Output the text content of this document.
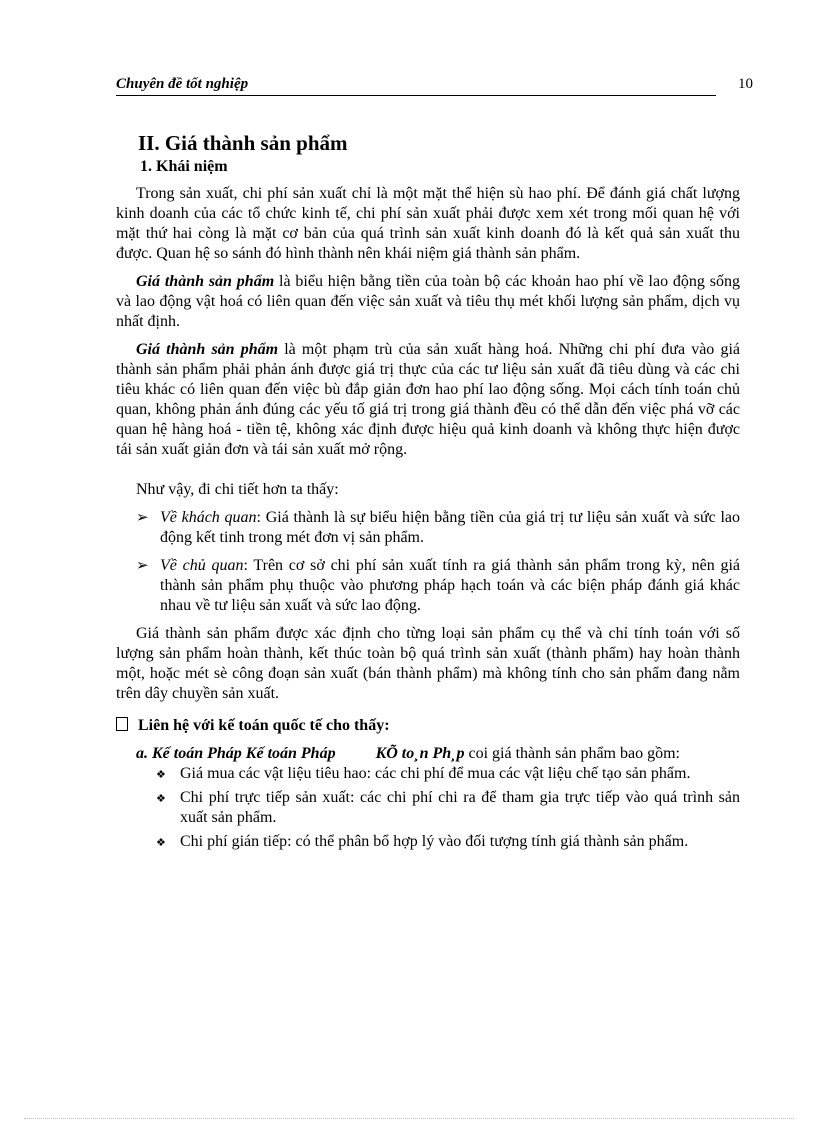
Chuyên đề tốt nghiệp	10
II. Giá thành sản phẩm
1. Khái niệm

Trong sản xuất, chi phí sản xuất chỉ là một mặt thể hiện sù hao phí. Để đánh giá chất lượng kinh doanh của các tổ chức kinh tế, chi phí sản xuất phải được xem xét trong mối quan hệ với mặt thứ hai còng là mặt cơ bản của quá trình sản xuất kinh doanh đó là kết quả sản xuất thu được. Quan hệ so sánh đó hình thành nên khái niệm giá thành sản phẩm.

Giá thành sản phẩm là biểu hiện bằng tiền của toàn bộ các khoản hao phí về lao động sống và lao động vật hoá có liên quan đến việc sản xuất và tiêu thụ mét khối lượng sản phẩm, dịch vụ nhất định.

Giá thành sản phẩm là một phạm trù của sản xuất hàng hoá. Những chi phí đưa vào giá thành sản phẩm phải phản ánh được giá trị thực của các tư liệu sản xuất đã tiêu dùng và các chi tiêu khác có liên quan đến việc bù đắp giản đơn hao phí lao động sống. Mọi cách tính toán chủ quan, không phản ánh đúng các yếu tố giá trị trong giá thành đều có thể dẫn đến việc phá vỡ các quan hệ hàng hoá - tiền tệ, không xác định được hiệu quả kinh doanh và không thực hiện được tái sản xuất giản đơn và tái sản xuất mở rộng.

Như vậy, đi chi tiết hơn ta thấy:

➢ Về khách quan: Giá thành là sự biểu hiện bằng tiền của giá trị tư liệu sản xuất và sức lao động kết tinh trong mét đơn vị sản phẩm.
➢ Về chủ quan: Trên cơ sở chi phí sản xuất tính ra giá thành sản phẩm trong kỳ, nên giá thành sản phẩm phụ thuộc vào phương pháp hạch toán và các biện pháp đánh giá khác nhau về tư liệu sản xuất và sức lao động.

Giá thành sản phẩm được xác định cho từng loại sản phẩm cụ thể và chỉ tính toán với số lượng sản phẩm hoàn thành, kết thúc toàn bộ quá trình sản xuất (thành phẩm) hay hoàn thành một, hoặc mét sè công đoạn sản xuất (bán thành phẩm) mà không tính cho sản phẩm đang nằm trên dây chuyền sản xuất.

Liên hệ với kế toán quốc tế cho thấy:

a. Kế toán Pháp Kế toán Pháp	KÕ to¸n Ph¸p coi giá thành sản phẩm bao gồm:

❖ Giá mua các vật liệu tiêu hao: các chi phí để mua các vật liệu chế tạo sản phẩm.
❖ Chi phí trực tiếp sản xuất: các chi phí chi ra để tham gia trực tiếp vào quá trình sản xuất sản phẩm.
❖ Chi phí gián tiếp: có thể phân bổ hợp lý vào đối tượng tính giá thành sản phẩm.
